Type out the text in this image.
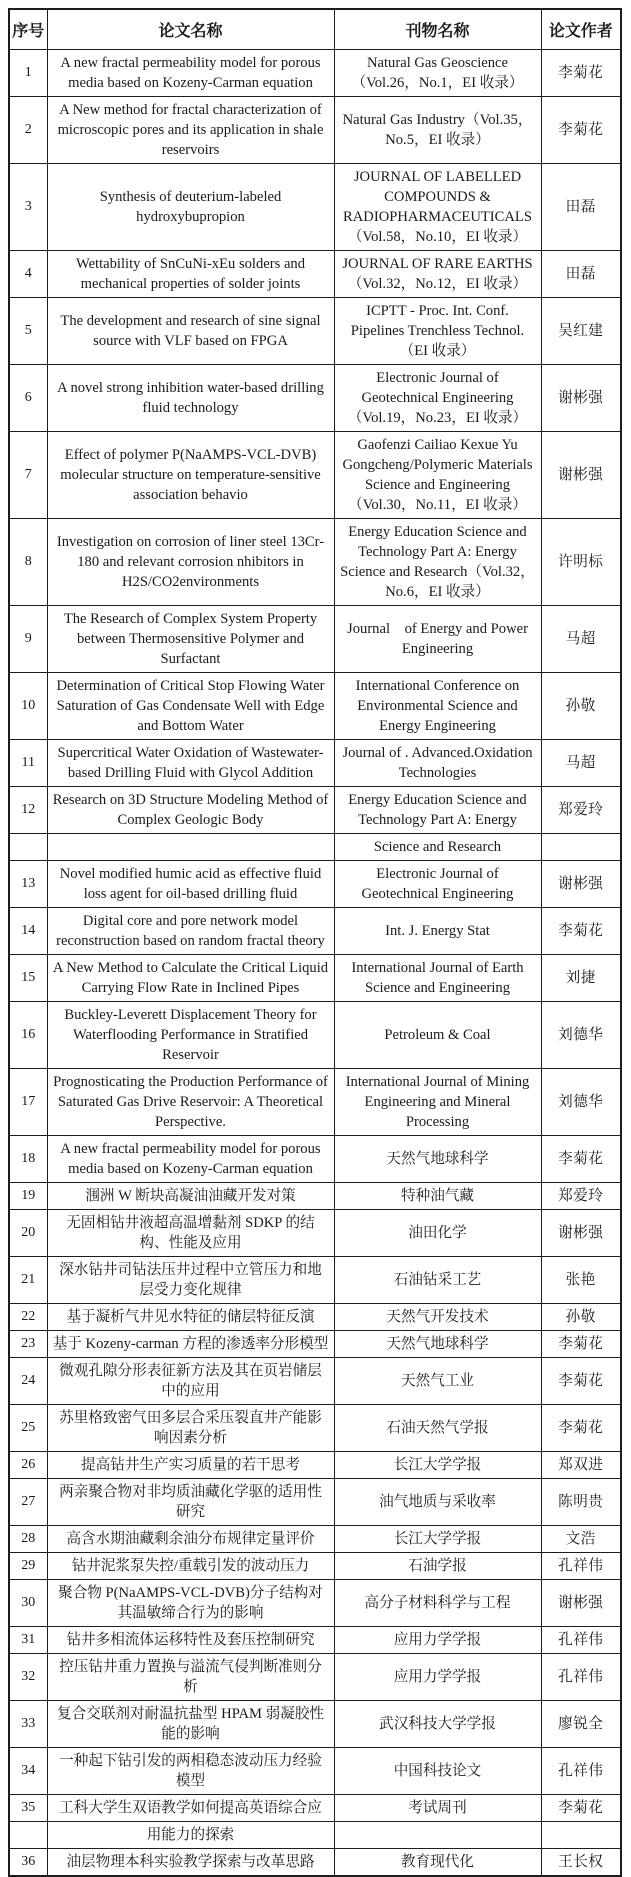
序号	论文名称	刊物名称	论文作者
1	A new fractal permeability model for porous media based on Kozeny-Carman equation	Natural Gas Geoscience（Vol.26，No.1，EI 收录）	李菊花
2	A New method for fractal characterization of microscopic pores and its application in shale reservoirs	Natural Gas Industry（Vol.35，No.5，EI 收录）	李菊花
3	Synthesis of deuterium-labeled hydroxybupropion	JOURNAL OF LABELLED COMPOUNDS & RADIOPHARMACEUTICALS（Vol.58，No.10，EI 收录）	田磊
4	Wettability of SnCuNi-xEu solders and mechanical properties of solder joints	JOURNAL OF RARE EARTHS（Vol.32，No.12，EI 收录）	田磊
5	The development and research of sine signal source with VLF based on FPGA	ICPTT - Proc. Int. Conf. Pipelines Trenchless Technol.（EI 收录）	吴红建
6	A novel strong inhibition water-based drilling fluid technology	Electronic Journal of Geotechnical Engineering（Vol.19，No.23，EI 收录）	谢彬强
7	Effect of polymer P(NaAMPS-VCL-DVB) molecular structure on temperature-sensitive association behavio	Gaofenzi Cailiao Kexue Yu Gongcheng/Polymeric Materials Science and Engineering（Vol.30，No.11，EI 收录）	谢彬强
8	Investigation on corrosion of liner steel 13Cr-180 and relevant corrosion nhibitors in H2S/CO2environments	Energy Education Science and Technology Part A: Energy Science and Research（Vol.32，No.6，EI 收录）	许明标
9	The Research of Complex System Property between Thermosensitive Polymer and Surfactant	Journal    of Energy and Power Engineering	马超
10	Determination of Critical Stop Flowing Water Saturation of Gas Condensate Well with Edge and Bottom Water	International Conference on Environmental Science and Energy Engineering	孙敬
11	Supercritical Water Oxidation of Wastewater-based Drilling Fluid with Glycol Addition	Journal of . Advanced.Oxidation Technologies	马超
12	Research on 3D Structure Modeling Method of Complex Geologic Body	Energy Education Science and Technology Part A: Energy	郑爱玲
		Science and Research	
13	Novel modified humic acid as effective fluid loss agent for oil-based drilling fluid	Electronic Journal of Geotechnical Engineering	谢彬强
14	Digital core and pore network model reconstruction based on random fractal theory	Int. J. Energy Stat	李菊花
15	A New Method to Calculate the Critical Liquid Carrying Flow Rate in Inclined Pipes	International Journal of Earth Science and Engineering	刘捷
16	Buckley-Leverett Displacement Theory for Waterflooding Performance in Stratified Reservoir	Petroleum & Coal	刘德华
17	Prognosticating the Production Performance of Saturated Gas Drive Reservoir: A Theoretical Perspective.	International Journal of Mining Engineering and Mineral Processing	刘德华
18	A new fractal permeability model for porous media based on Kozeny-Carman equation	天然气地球科学	李菊花
19	涠洲 W 断块高凝油油藏开发对策	特种油气藏	郑爱玲
20	无固相钻井液超高温增黏剂 SDKP 的结构、性能及应用	油田化学	谢彬强
21	深水钻井司钻法压井过程中立管压力和地层受力变化规律	石油钻采工艺	张艳
22	基于凝析气井见水特征的储层特征反演	天然气开发技术	孙敬
23	基于 Kozeny-carman 方程的渗透率分形模型	天然气地球科学	李菊花
24	微观孔隙分形表征新方法及其在页岩储层中的应用	天然气工业	李菊花
25	苏里格致密气田多层合采压裂直井产能影响因素分析	石油天然气学报	李菊花
26	提高钻井生产实习质量的若干思考	长江大学学报	郑双进
27	两亲聚合物对非均质油藏化学驱的适用性研究	油气地质与采收率	陈明贵
28	高含水期油藏剩余油分布规律定量评价	长江大学学报	文浩
29	钻井泥浆泵失控/重载引发的波动压力	石油学报	孔祥伟
30	聚合物 P(NaAMPS-VCL-DVB)分子结构对其温敏缔合行为的影响	高分子材料科学与工程	谢彬强
31	钻井多相流体运移特性及套压控制研究	应用力学学报	孔祥伟
32	控压钻井重力置换与溢流气侵判断准则分析	应用力学学报	孔祥伟
33	复合交联剂对耐温抗盐型 HPAM 弱凝胶性能的影响	武汉科技大学学报	廖锐全
34	一种起下钻引发的两相稳态波动压力经验模型	中国科技论文	孔祥伟
35	工科大学生双语教学如何提高英语综合应	考试周刊	李菊花
	用能力的探索		
36	油层物理本科实验教学探索与改革思路	教育现代化	王长权
